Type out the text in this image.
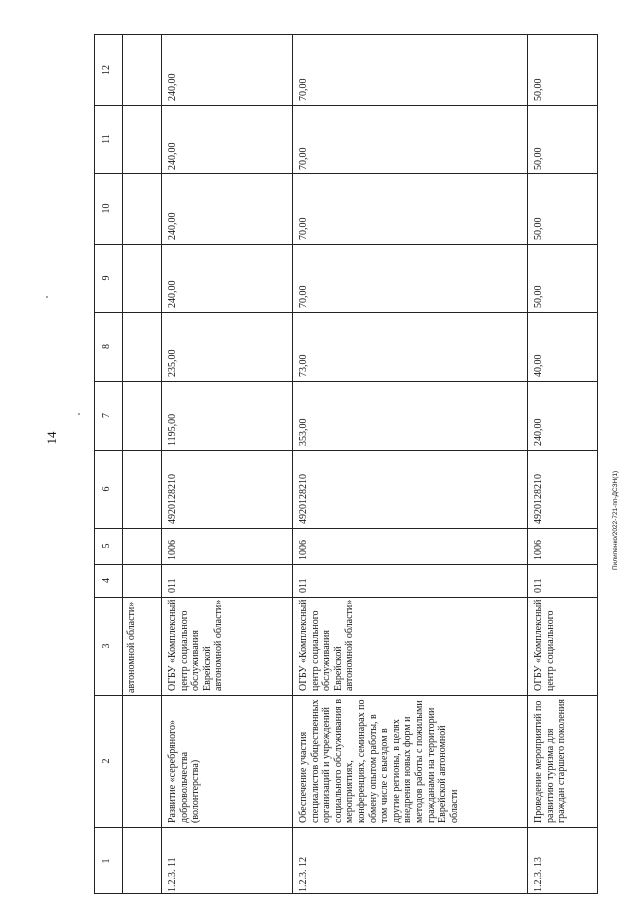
14
Пилипенко/2022-721-пп-ДСЗН(1)
12
11
10
9
8
7
6
5
4
3
2
1
автономной области»
240,00
240,00
240,00
240,00
235,00
1195,00
4920128210
1006
011
ОГБУ «Комплексный центр социального обслуживания Еврейской автономной области»
Развитие «серебряного» добровольчества (волонтерства)
1.2.3. 11
70,00
70,00
70,00
70,00
73,00
353,00
4920128210
1006
011
ОГБУ «Комплексный центр социального обслуживания Еврейской автономной области»
Обеспечение участия специалистов общественных организаций и учреждений социального обслуживания в мероприятиях, конференциях, семинарах по обмену опытом работы, в том числе с выездом в другие регионы, в целях внедрения новых форм и методов работы с пожилыми гражданами на территории Еврейской автономной области
1.2.3. 12
50,00
50,00
50,00
50,00
40,00
240,00
4920128210
1006
011
ОГБУ «Комплексный центр социального
Проведение мероприятий по развитию туризма для граждан старшего поколения
1.2.3. 13
